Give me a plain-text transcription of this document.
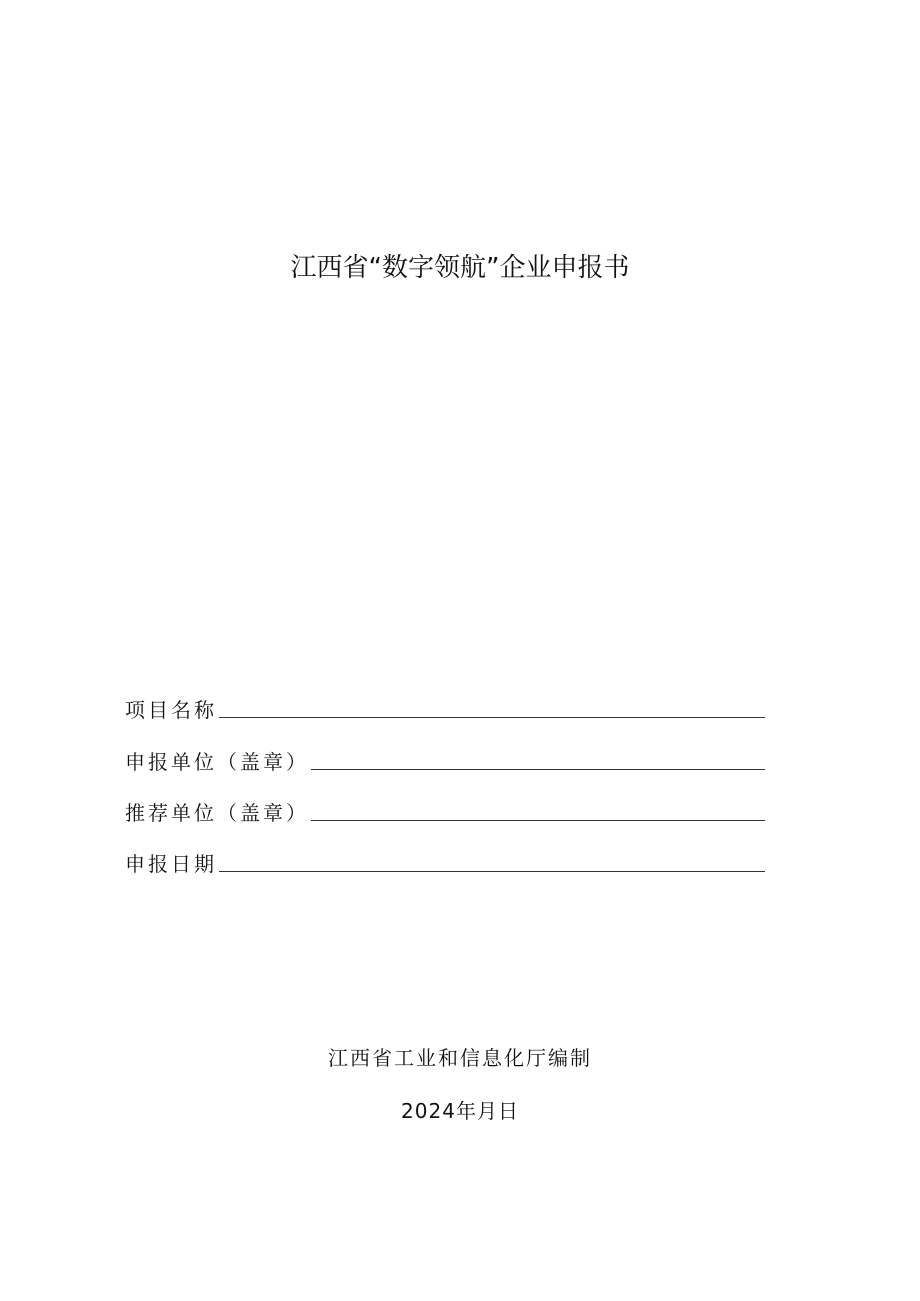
江西省“数字领航”企业申报书
项目名称
申报单位（盖章）
推荐单位（盖章）
申报日期
江西省工业和信息化厅编制
2024年月日
